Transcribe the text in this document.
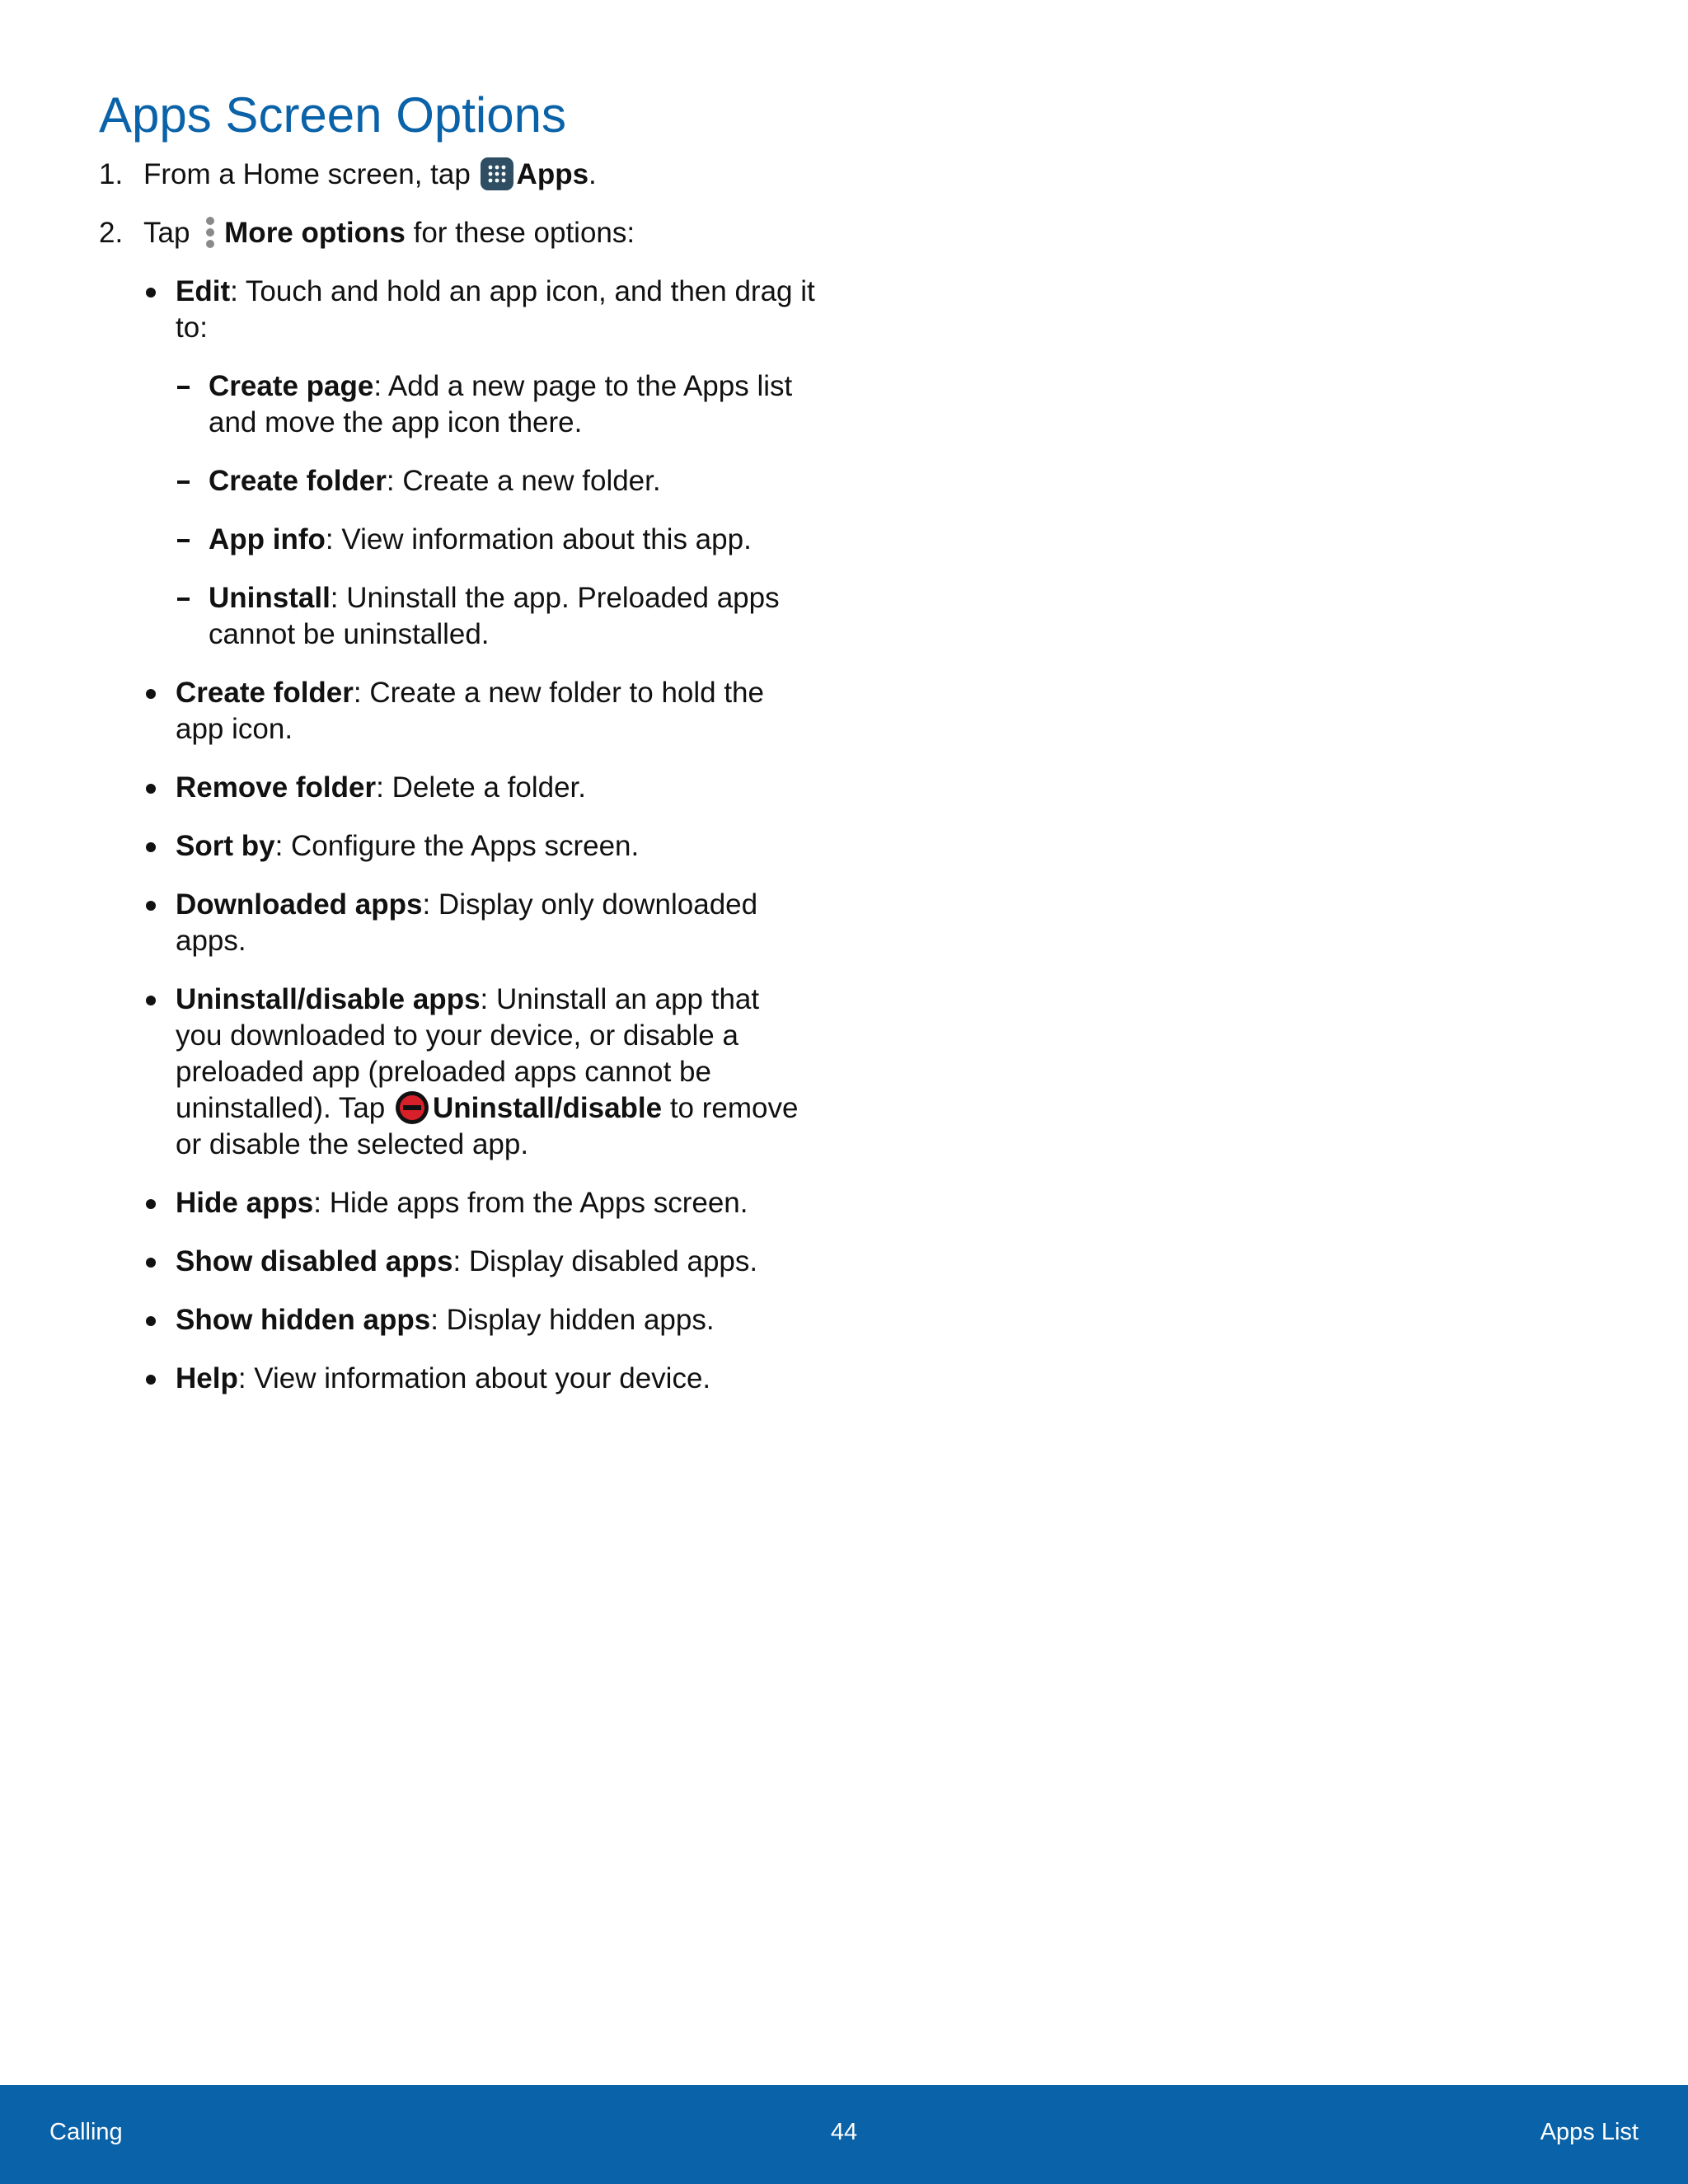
Apps Screen Options
1. From a Home screen, tap
Apps.
2. Tap More options for these options:
Edit: Touch and hold an app icon, and then drag it to:
Create page: Add a new page to the Apps list and move the app icon there.
Create folder: Create a new folder.
App info: View information about this app.
Uninstall: Uninstall the app. Preloaded apps cannot be uninstalled.
Create folder: Create a new folder to hold the app icon.
Remove folder: Delete a folder.
Sort by: Configure the Apps screen.
Downloaded apps: Display only downloaded apps.
Uninstall/disable apps: Uninstall an app that you downloaded to your device, or disable a preloaded app (preloaded apps cannot be uninstalled). Tap Uninstall/disable to remove or disable the selected app.
Hide apps: Hide apps from the Apps screen.
Show disabled apps: Display disabled apps.
Show hidden apps: Display hidden apps.
Help: View information about your device.
Calling	44	Apps List
